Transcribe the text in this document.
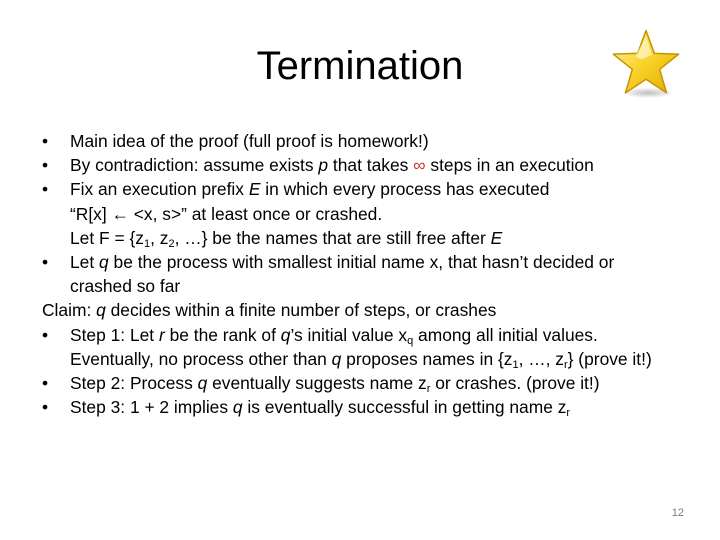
Termination
•	Main idea of the proof (full proof is homework!)
•	By contradiction: assume exists p that takes ∞ steps in an execution
•	Fix an execution prefix E in which every process has executed
“R[x] ← <x, s>” at least once or crashed.
Let $F = \{z_1$, $z_2$, …} be the names that are still free after E
•	Let q be the process with smallest initial name x, that hasn’t decided or
crashed so far
Claim: q decides within a finite number of steps, or crashes
•	Step 1: Let r be the rank of q’s initial value $x_q$ among all initial values.
Eventually, no process other than q proposes names in {$z_1$, …, $z_r$} (prove it!)
•	Step 2: Process q eventually suggests name $z_r$ or crashes. (prove it!)
•	Step 3: 1 + 2 implies q is eventually successful in getting name $z_r$
12
